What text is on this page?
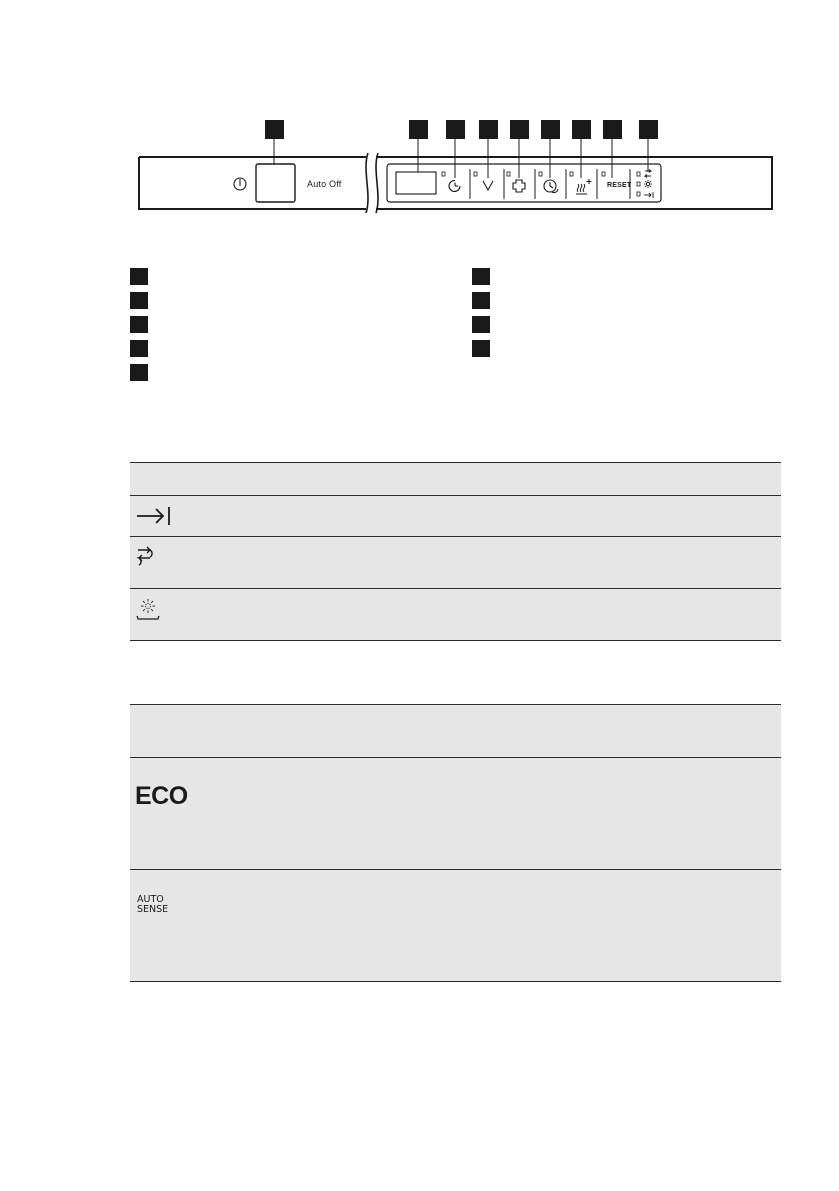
Auto Off	RESET
ECO
AUTO
SENSE
